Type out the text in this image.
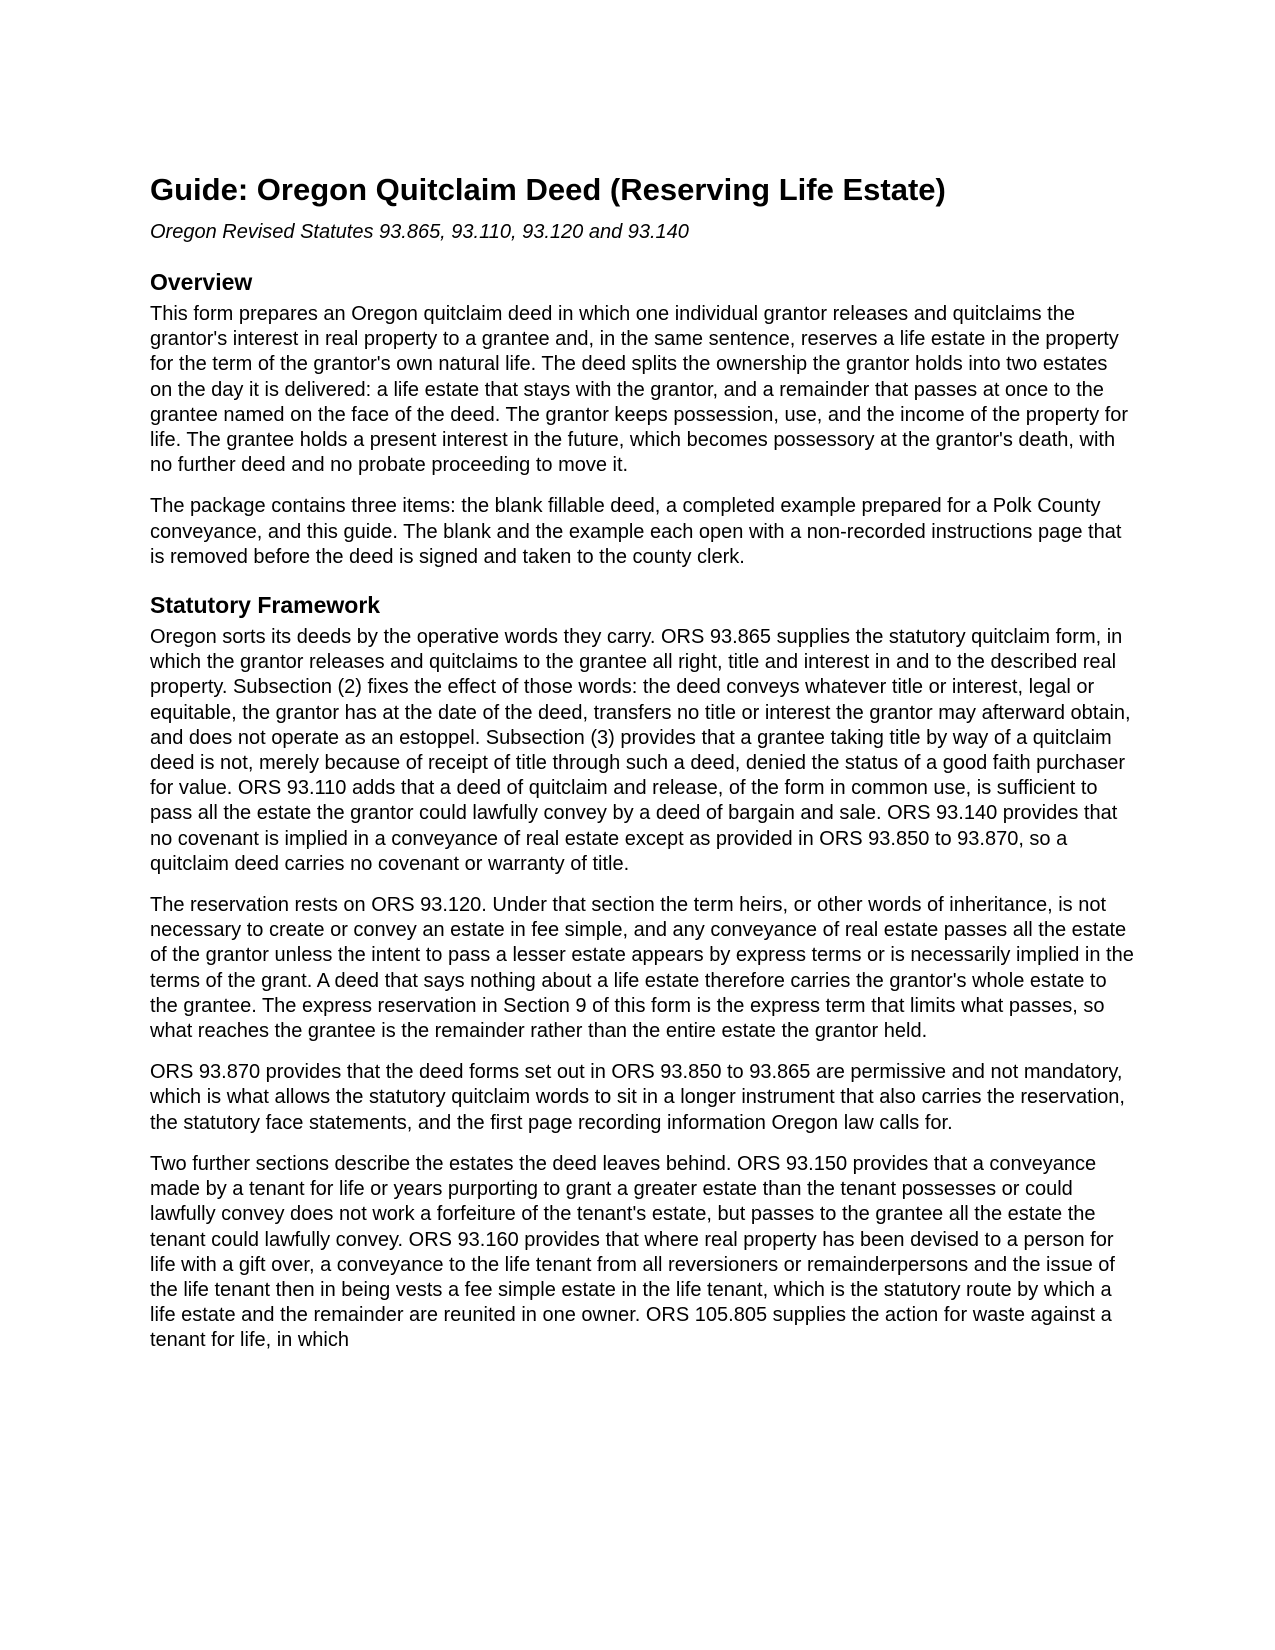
Guide: Oregon Quitclaim Deed (Reserving Life Estate)
Oregon Revised Statutes 93.865, 93.110, 93.120 and 93.140
Overview

This form prepares an Oregon quitclaim deed in which one individual grantor releases and quitclaims the grantor's interest in real property to a grantee and, in the same sentence, reserves a life estate in the property for the term of the grantor's own natural life. The deed splits the ownership the grantor holds into two estates on the day it is delivered: a life estate that stays with the grantor, and a remainder that passes at once to the grantee named on the face of the deed. The grantor keeps possession, use, and the income of the property for life. The grantee holds a present interest in the future, which becomes possessory at the grantor's death, with no further deed and no probate proceeding to move it.

The package contains three items: the blank fillable deed, a completed example prepared for a Polk County conveyance, and this guide. The blank and the example each open with a non-recorded instructions page that is removed before the deed is signed and taken to the county clerk.

Statutory Framework

Oregon sorts its deeds by the operative words they carry. ORS 93.865 supplies the statutory quitclaim form, in which the grantor releases and quitclaims to the grantee all right, title and interest in and to the described real property. Subsection (2) fixes the effect of those words: the deed conveys whatever title or interest, legal or equitable, the grantor has at the date of the deed, transfers no title or interest the grantor may afterward obtain, and does not operate as an estoppel. Subsection (3) provides that a grantee taking title by way of a quitclaim deed is not, merely because of receipt of title through such a deed, denied the status of a good faith purchaser for value. ORS 93.110 adds that a deed of quitclaim and release, of the form in common use, is sufficient to pass all the estate the grantor could lawfully convey by a deed of bargain and sale. ORS 93.140 provides that no covenant is implied in a conveyance of real estate except as provided in ORS 93.850 to 93.870, so a quitclaim deed carries no covenant or warranty of title.

The reservation rests on ORS 93.120. Under that section the term heirs, or other words of inheritance, is not necessary to create or convey an estate in fee simple, and any conveyance of real estate passes all the estate of the grantor unless the intent to pass a lesser estate appears by express terms or is necessarily implied in the terms of the grant. A deed that says nothing about a life estate therefore carries the grantor's whole estate to the grantee. The express reservation in Section 9 of this form is the express term that limits what passes, so what reaches the grantee is the remainder rather than the entire estate the grantor held.

ORS 93.870 provides that the deed forms set out in ORS 93.850 to 93.865 are permissive and not mandatory, which is what allows the statutory quitclaim words to sit in a longer instrument that also carries the reservation, the statutory face statements, and the first page recording information Oregon law calls for.

Two further sections describe the estates the deed leaves behind. ORS 93.150 provides that a conveyance made by a tenant for life or years purporting to grant a greater estate than the tenant possesses or could lawfully convey does not work a forfeiture of the tenant's estate, but passes to the grantee all the estate the tenant could lawfully convey. ORS 93.160 provides that where real property has been devised to a person for life with a gift over, a conveyance to the life tenant from all reversioners or remainderpersons and the issue of the life tenant then in being vests a fee simple estate in the life tenant, which is the statutory route by which a life estate and the remainder are reunited in one owner. ORS 105.805 supplies the action for waste against a tenant for life, in which
